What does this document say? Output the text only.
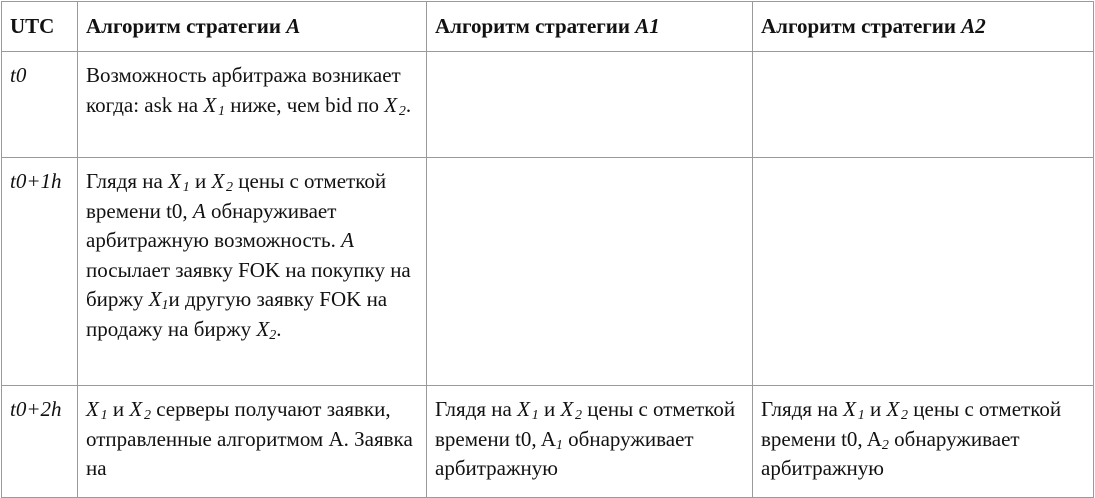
UTC	Алгоритм стратегии A	Алгоритм стратегии A1	Алгоритм стратегии A2
t0	Возможность арбитража возникает когда: ask на X  $_1$ ниже, чем bid по X  $_2$.		
t0+1h	Глядя на X  $_1$ и X  $_2$ цены с отметкой времени t0, A обнаруживает арбитражную возможность. A посылает заявку FOK на покупку на биржу $X_1и$ другую заявку FOK на продажу на биржу $X_2$.		
t0+2h	X  $_1$ и X  $_2$ серверы получают заявки, отправленные алгоритмом A. Заявка на	Глядя на X  $_1$ и X  $_2$ цены с отметкой времени t0, $A_1$ обнаруживает арбитражную	Глядя на X  $_1$ и X  $_2$ цены с отметкой времени t0, $A_2$ обнаруживает арбитражную
